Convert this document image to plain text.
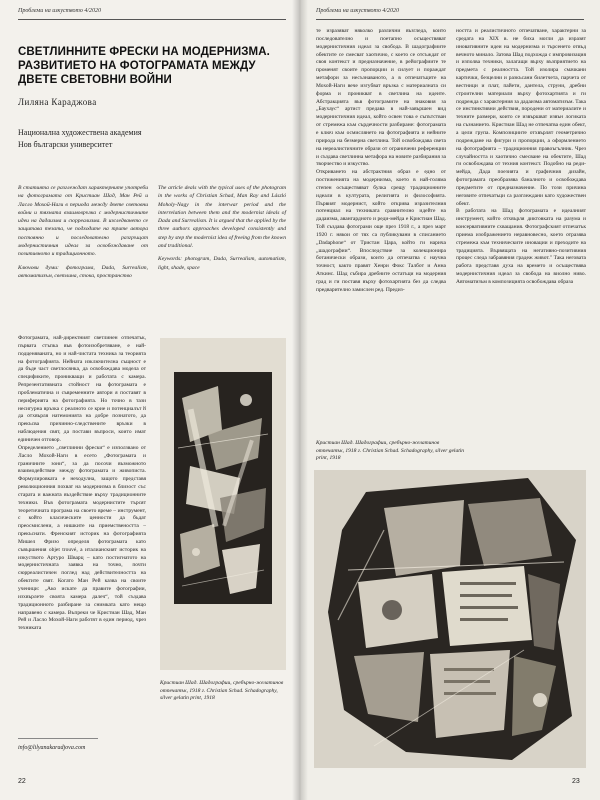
Проблеми на изкуството 4/2020
СВЕТЛИННИТЕ ФРЕСКИ НА МОДЕРНИЗМА. РАЗВИТИЕТО НА ФОТОГРАМАТА МЕЖДУ ДВЕТЕ СВЕТОВНИ ВОЙНИ
Лиляна Караджова
Национална художествена академия
Нов български университет

В статията се разглеждат характерните употреби на фотограмата от Кристиан Шад, Ман Рей и Ласло Мохой-Наги в периода между двете световни войни и тяхната взаимовръзка с модернистичните идеи на дадаизма и сюрреализма. В изследването се защитава тезата, че подходите на трите автора постоянно и последователно разгръщат модернистичния идеал за освобождаване от позитивното и традиционното.

Ключови думи: фотограма, Dada, Surrealism, автоматизъм, светлина, стока, пространство

The article deals with the typical uses of the photogram in the works of Christian Schad, Man Ray and László Moholy-Nagy in the interwar period and the interrelation between them and the modernist ideals of Dada and Surrealism. It is argued that the applied by the three authors approaches developed consistently and step by step the modernist idea of freeing from the known and traditional.

Keywords: photogram, Dada, Surrealism, automatism, light, shade, space

Фотограмата, най-директният светлинен отпечатък, първата стъпка във фотоизобретяване, е най-подценяваната, но и най-чистата техника за теорията на фотографията. Нейната изключителна същност е да бъде част светлосянка, да освобождава модела от спецификите, проникващи и работата с камера. Репрезентативната стойност на фотограмата е проблематична и съвременните автори я поставят в периферията на фотографията. Но точно в тази несигурна връзка с реалното се крие и потенциалът й да отхвърля натемонията на добре познатото, да прекъсва причинно-следствените връзки в наблюдения свят, да постави въпроси, които имат единичен отговор.
Определението „светлинни фрески“ е използвано от Ласло Мохой-Наги в есето „Фотограмата и граничните зони“, за да посочи възможното взаимодействие между фотограмата и живописта. Формулировката е неходулна, защото представя революционния похват на модернизма в близост със старата и важната въздействие върху традиционните техники. Във фотограмата модернистите търсят теоретичната програма на своето време – инструмент, с който класическите ценности да бъдат преосмислени, а нишките на приемствеността – прекъснати. Френският историк на фотографията Мишел Фризо определя фотограмата като съвършения objet trouvé, а италианският историк на изкуството Артуро Шварц – като постигнатото на модернистичната заявка на точно, почти сюрреалистичен поглед над действителността на обектите свят. Когато Ман Рей казва на своите ученици: „Ако искате да правите фотографии, изхвърлете своята камера далеч“, той създава традиционното разбиране за снимката като нещо направено с камера. Въпреки че Кристиан Шад, Ман Рей и Ласло Мохой-Наги работят в един период, чрез техниката

Кристиан Шад. Шадографии, сребърно-желатинов отпечатък, 1918 г. Christian Schad. Schadography, silver gelatin print, 1918
info@lilyanakaradjova.com
22
Проблеми на изкуството 4/2020

те изразяват няколко различни възгледа, които последователно и поетапно осъществяват модернистичния идеал за свобода. В шадографиите обектите се смесват хаотично, с което се отсъждат от своя контекст и предназначение, в рейографиите те променят своите пропорции и силует и пораждат метафори за несъзнаваното, а в отпечатъците на Мохой-Наги вече изгубват връзка с материалната си форма и проникват в светлина на идеите. Абстракцията във фотограмите на знаковия за „Баухаус“ артист предава в най-завършен вид модернистичния идеал, който освен това е съпътстван от стремежа към сърдечности разбиране: фотограмата е ключ към осмислянето на фотографията и нейните природа на безмерна светлина. Той освобождава света на нереалистичните образи от ограничени референции и създава светлинна метафора на новите разбирания за творчество и изкуство.
Откриването на абстрактния образ е едно от постиженията на модернизма, което в най-голяма степен осъществяват булка срещу традиционните идеали в културата, религията и философията. Първият модернист, който открива изразителния потенциал на техниката сравнително идейте на дадаизма, авангардното и реди-мейда е Кристиан Шад. Той създава фотограми още през 1918 г., а през март 1920 г. някои от тях са публикувани в списанието „Dadaphone“ от Тристан Цара, който ги нарича „шадографии“. Впоследствие за колекционира ботанически образи, които да отпечатва с научна точност, както правят Хенри Фокс Талбот и Анна Аткинс. Шад събира дребните остатъци на модерния град и ги поставя върху фотохартията без да следва предварително замислен ред. Предиз-

ността и реалистичното отпечатване, характерни за средата на XIX в. не биха могли да изразят иновативните идеи на модернизма и търсенето отвъд вечното минало. Затова Шад подхожда с импровизация и изполва техники, залагащи върху възприятието на предмета с реалността. Той изолира смачкани картички, безцелни и разкъсани билетчета, парчета от вестници и плат, пайети, дантела, струни, дребни строителни материали върху фотохартията и ги подрежда с характерния за дадаизма автоматизъм. Така се инстинктивни действия, породени от материалите и техните размери, които се извършват извън логиката на съзнанието. Кристиан Шад не отпечатва един обект, а цели група. Композициите отхвърлят геометрично подреждане на фигури и пропорции, а оформлението на фотографията – традиционния правоъгълник. Чрез случайността и хаотично смесване на обектите, Шад ги освобождава от техния контекст. Подобно на реди-мейда, Дада поезията и графичния дизайн, фотограмата преобразява баналното и освобождава предметите от предназначение. По този причина неговите отпечатъци са разглеждани като художествен обект.
В работата на Шад фотограмата е идеалният инструмент, който отхвърля диктовката на разума и консервативните схващания. Фотографският отпечатък приема изображението неравновесно, което отразява стремежа към техническите иновации и преходите на традицията. Вървящата на негативно-позитивния процес следа забравяния градеж живот." Така неговата работа представя духа на времето и осъществява модернистичния идеал за свобода на виолно ниво. Автоматизъм в композицията освобождава образа

Кристиан Шад. Шадографии, сребърно-желатинов отпечатък, 1918 г. Christian Schad. Schadography, silver gelatin print, 1918
23
